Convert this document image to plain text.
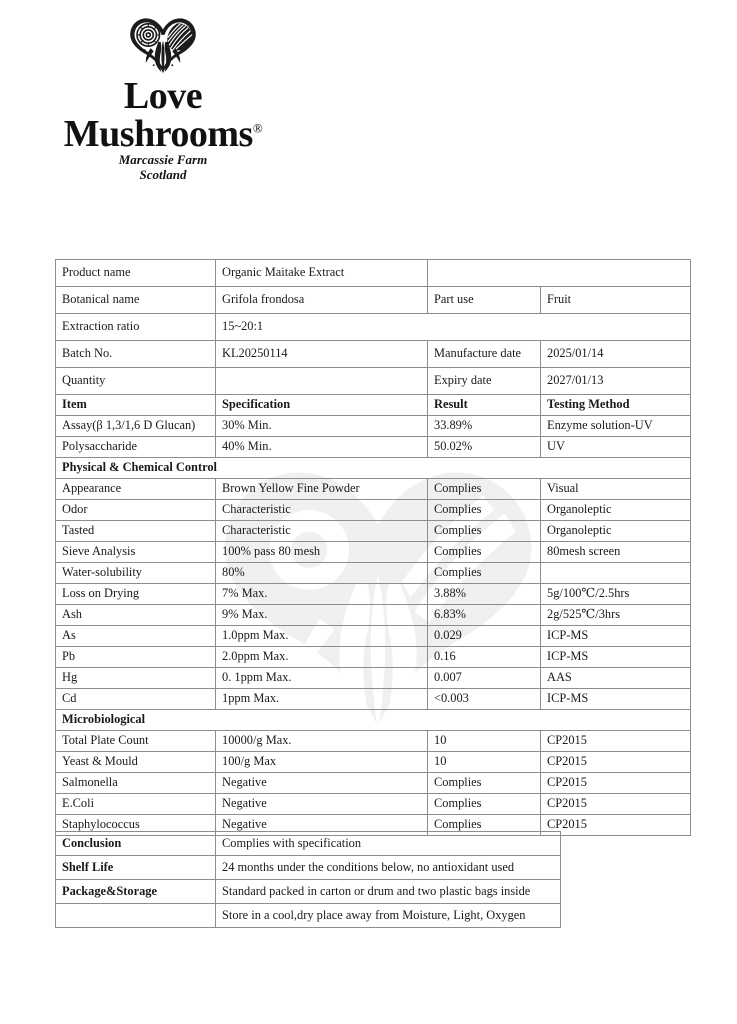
Love Mushrooms®
Marcassie Farm
Scotland
Product name	Organic Maitake Extract		
Botanical name	Grifola frondosa	Part use	Fruit
Extraction ratio	15~20:1		
Batch No.	KL20250114	Manufacture date	2025/01/14
Quantity		Expiry date	2027/01/13
Item	Specification	Result	Testing Method
Assay(β 1,3/1,6 D Glucan)	30% Min.	33.89%	Enzyme solution-UV
Polysaccharide	40% Min.	50.02%	UV
Physical & Chemical Control			
Appearance	Brown Yellow Fine Powder	Complies	Visual
Odor	Characteristic	Complies	Organoleptic
Tasted	Characteristic	Complies	Organoleptic
Sieve Analysis	100% pass 80 mesh	Complies	80mesh screen
Water-solubility	80%	Complies	
Loss on Drying	7% Max.	3.88%	5g/100℃/2.5hrs
Ash	9% Max.	6.83%	2g/525℃/3hrs
As	1.0ppm Max.	0.029	ICP-MS
Pb	2.0ppm Max.	0.16	ICP-MS
Hg	0. 1ppm Max.	0.007	AAS
Cd	1ppm Max.	<0.003	ICP-MS
Microbiological			
Total Plate Count	10000/g Max.	10	CP2015
Yeast & Mould	100/g Max	10	CP2015
Salmonella	Negative	Complies	CP2015
E.Coli	Negative	Complies	CP2015
Staphylococcus	Negative	Complies	CP2015
Conclusion	Complies with specification
Shelf Life	24 months under the conditions below, no antioxidant used
Package&Storage	Standard packed in carton or drum and two plastic bags inside
	Store in a cool,dry place away from Moisture, Light, Oxygen
